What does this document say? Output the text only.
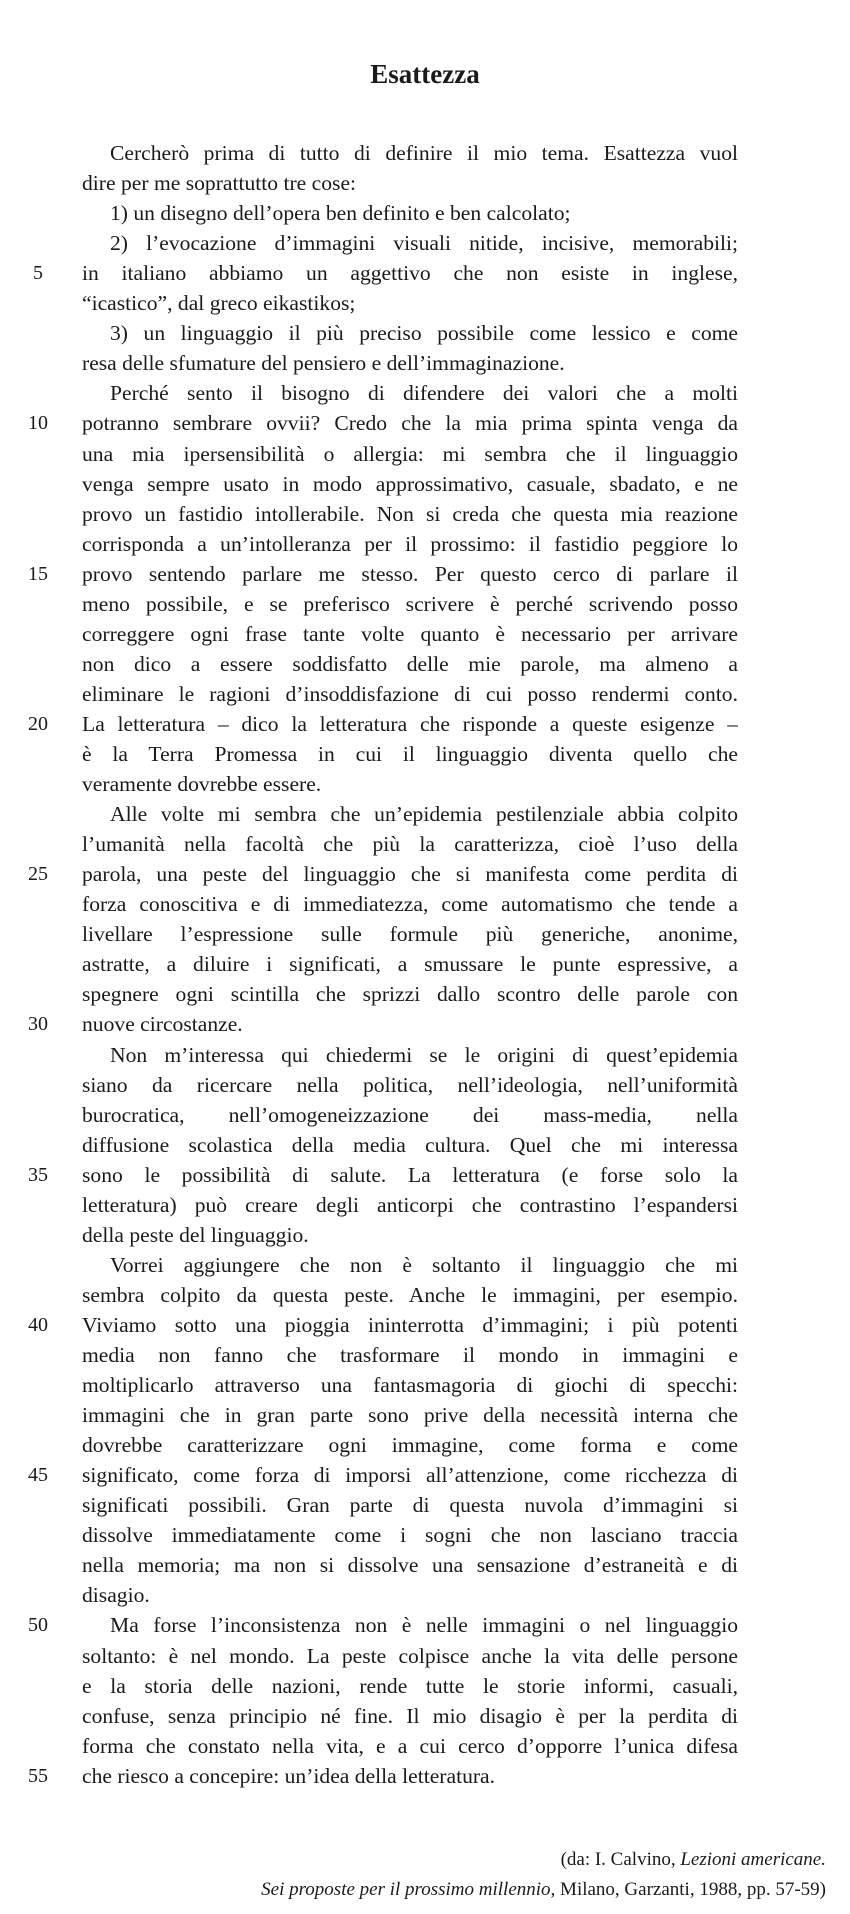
Esattezza
Cercherò prima di tutto di definire il mio tema. Esattezza vuol
dire per me soprattutto tre cose:
1) un disegno dell’opera ben definito e ben calcolato;
2) l’evocazione d’immagini visuali nitide, incisive, memorabili;
in italiano abbiamo un aggettivo che non esiste in inglese,
“icastico”, dal greco eikastikos;
3) un linguaggio il più preciso possibile come lessico e come
resa delle sfumature del pensiero e dell’immaginazione.
Perché sento il bisogno di difendere dei valori che a molti
potranno sembrare ovvii? Credo che la mia prima spinta venga da
una mia ipersensibilità o allergia: mi sembra che il linguaggio
venga sempre usato in modo approssimativo, casuale, sbadato, e ne
provo un fastidio intollerabile. Non si creda che questa mia reazione
corrisponda a un’intolleranza per il prossimo: il fastidio peggiore lo
provo sentendo parlare me stesso. Per questo cerco di parlare il
meno possibile, e se preferisco scrivere è perché scrivendo posso
correggere ogni frase tante volte quanto è necessario per arrivare
non dico a essere soddisfatto delle mie parole, ma almeno a
eliminare le ragioni d’insoddisfazione di cui posso rendermi conto.
La letteratura – dico la letteratura che risponde a queste esigenze –
è la Terra Promessa in cui il linguaggio diventa quello che
veramente dovrebbe essere.
Alle volte mi sembra che un’epidemia pestilenziale abbia colpito
l’umanità nella facoltà che più la caratterizza, cioè l’uso della
parola, una peste del linguaggio che si manifesta come perdita di
forza conoscitiva e di immediatezza, come automatismo che tende a
livellare l’espressione sulle formule più generiche, anonime,
astratte, a diluire i significati, a smussare le punte espressive, a
spegnere ogni scintilla che sprizzi dallo scontro delle parole con
nuove circostanze.
Non m’interessa qui chiedermi se le origini di quest’epidemia
siano da ricercare nella politica, nell’ideologia, nell’uniformità
burocratica, nell’omogeneizzazione dei mass-media, nella
diffusione scolastica della media cultura. Quel che mi interessa
sono le possibilità di salute. La letteratura (e forse solo la
letteratura) può creare degli anticorpi che contrastino l’espandersi
della peste del linguaggio.
Vorrei aggiungere che non è soltanto il linguaggio che mi
sembra colpito da questa peste. Anche le immagini, per esempio.
Viviamo sotto una pioggia ininterrotta d’immagini; i più potenti
media non fanno che trasformare il mondo in immagini e
moltiplicarlo attraverso una fantasmagoria di giochi di specchi:
immagini che in gran parte sono prive della necessità interna che
dovrebbe caratterizzare ogni immagine, come forma e come
significato, come forza di imporsi all’attenzione, come ricchezza di
significati possibili. Gran parte di questa nuvola d’immagini si
dissolve immediatamente come i sogni che non lasciano traccia
nella memoria; ma non si dissolve una sensazione d’estraneità e di
disagio.
Ma forse l’inconsistenza non è nelle immagini o nel linguaggio
soltanto: è nel mondo. La peste colpisce anche la vita delle persone
e la storia delle nazioni, rende tutte le storie informi, casuali,
confuse, senza principio né fine. Il mio disagio è per la perdita di
forma che constato nella vita, e a cui cerco d’opporre l’unica difesa
che riesco a concepire: un’idea della letteratura.
5
10
15
20
25
30
35
40
45
50
55
(da: I. Calvino, Lezioni americane.
Sei proposte per il prossimo millennio, Milano, Garzanti, 1988, pp. 57-59)
